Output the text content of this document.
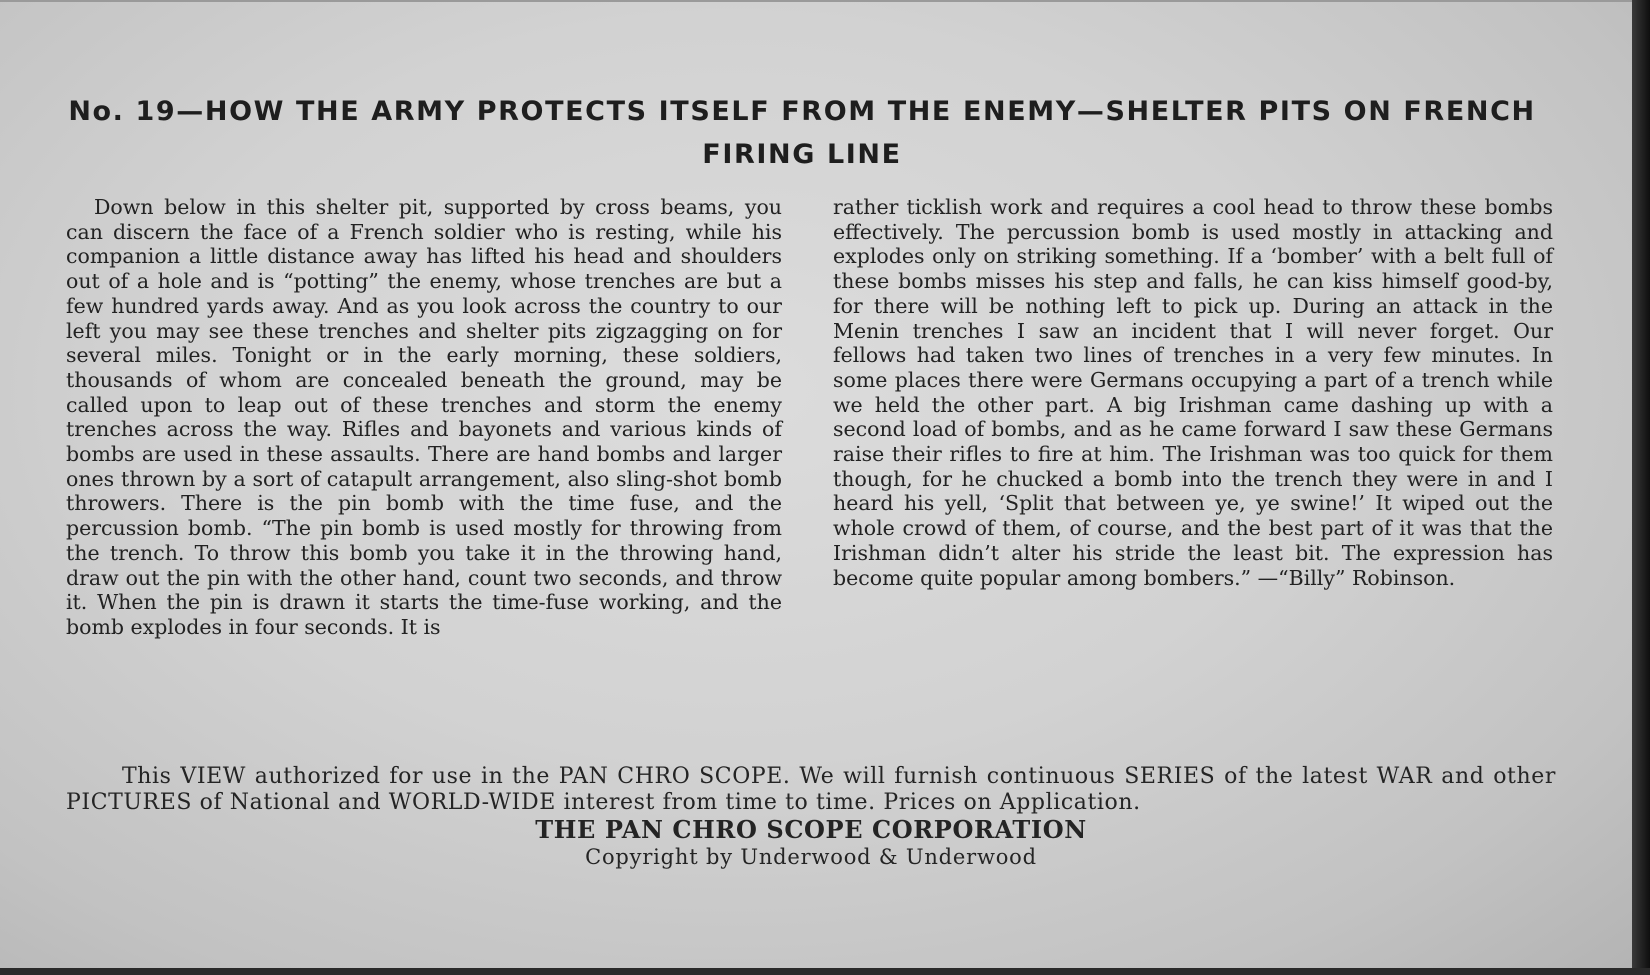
No. 19—HOW THE ARMY PROTECTS ITSELF FROM THE ENEMY—SHELTER PITS ON FRENCH FIRING LINE

Down below in this shelter pit, supported by cross beams, you can discern the face of a French soldier who is resting, while his companion a little distance away has lifted his head and shoulders out of a hole and is “potting” the enemy, whose trenches are but a few hundred yards away. And as you look across the country to our left you may see these trenches and shelter pits zigzagging on for several miles. Tonight or in the early morning, these soldiers, thousands of whom are concealed beneath the ground, may be called upon to leap out of these trenches and storm the enemy trenches across the way. Rifles and bayonets and various kinds of bombs are used in these assaults. There are hand bombs and larger ones thrown by a sort of catapult arrangement, also sling-shot bomb throwers. There is the pin bomb with the time fuse, and the percussion bomb. “The pin bomb is used mostly for throwing from the trench. To throw this bomb you take it in the throwing hand, draw out the pin with the other hand, count two seconds, and throw it. When the pin is drawn it starts the time-fuse working, and the bomb explodes in four seconds. It is

rather ticklish work and requires a cool head to throw these bombs effectively. The percussion bomb is used mostly in attacking and explodes only on striking something. If a ‘bomber’ with a belt full of these bombs misses his step and falls, he can kiss himself good-by, for there will be nothing left to pick up. During an attack in the Menin trenches I saw an incident that I will never forget. Our fellows had taken two lines of trenches in a very few minutes. In some places there were Germans occupying a part of a trench while we held the other part. A big Irishman came dashing up with a second load of bombs, and as he came forward I saw these Germans raise their rifles to fire at him. The Irishman was too quick for them though, for he chucked a bomb into the trench they were in and I heard his yell, ‘Split that between ye, ye swine!’ It wiped out the whole crowd of them, of course, and the best part of it was that the Irishman didn’t alter his stride the least bit. The expression has become quite popular among bombers.” —“Billy” Robinson.

This VIEW authorized for use in the PAN CHRO SCOPE. We will furnish continuous SERIES of the latest WAR and other PICTURES of National and WORLD-WIDE interest from time to time. Prices on Application.

THE PAN CHRO SCOPE CORPORATION

Copyright by Underwood & Underwood
